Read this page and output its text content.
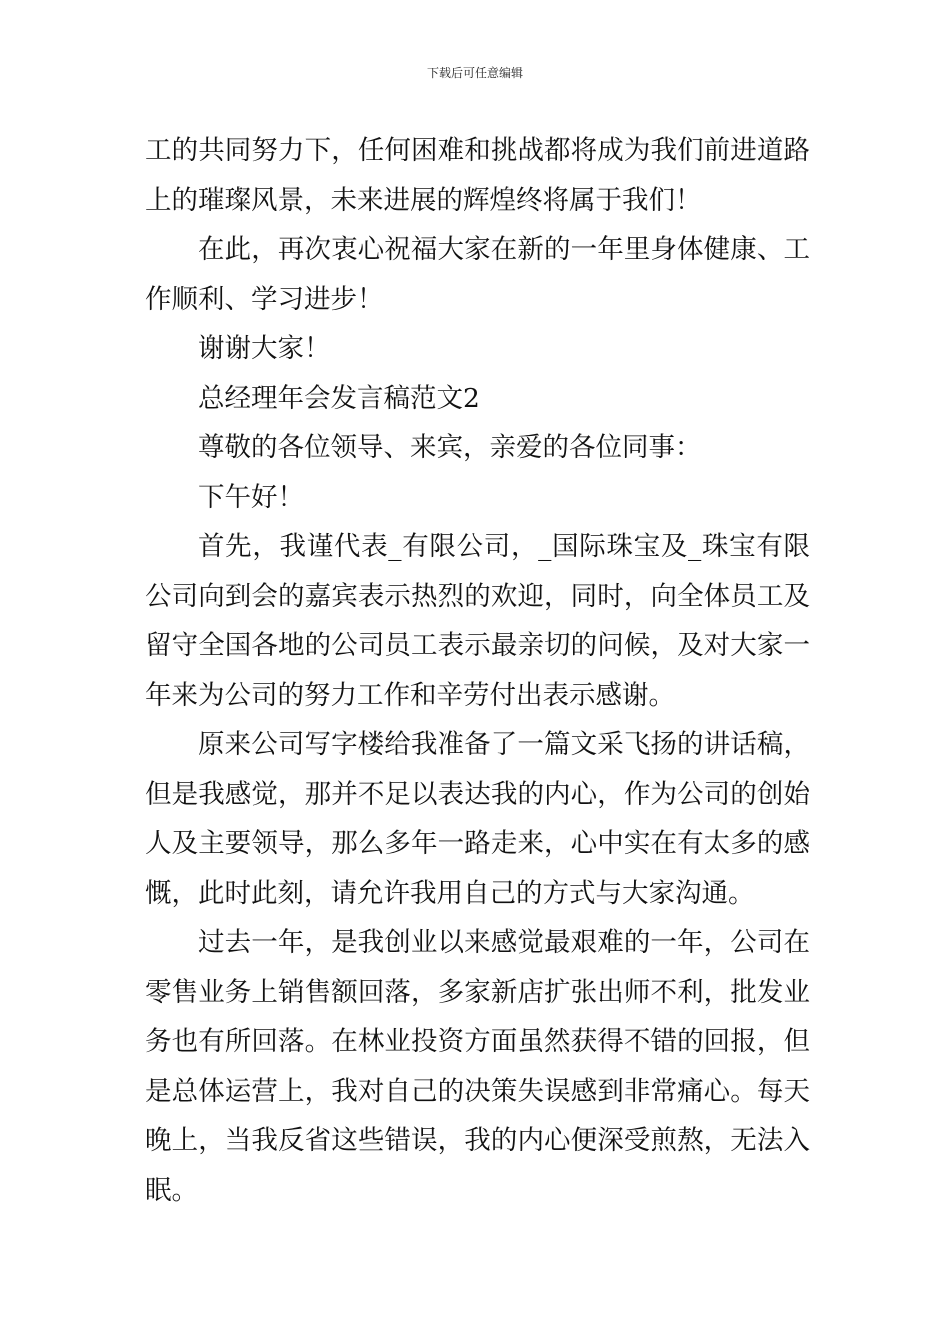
下载后可任意编辑

工的共同努力下，任何困难和挑战都将成为我们前进道路上的璀璨风景，未来进展的辉煌终将属于我们！

在此，再次衷心祝福大家在新的一年里身体健康、工作顺利、学习进步！

谢谢大家！

总经理年会发言稿范文2

尊敬的各位领导、来宾，亲爱的各位同事：

下午好！

首先，我谨代表_有限公司，_国际珠宝及_珠宝有限公司向到会的嘉宾表示热烈的欢迎，同时，向全体员工及留守全国各地的公司员工表示最亲切的问候，及对大家一年来为公司的努力工作和辛劳付出表示感谢。

原来公司写字楼给我准备了一篇文采飞扬的讲话稿，但是我感觉，那并不足以表达我的内心，作为公司的创始人及主要领导，那么多年一路走来，心中实在有太多的感慨，此时此刻，请允许我用自己的方式与大家沟通。

过去一年，是我创业以来感觉最艰难的一年，公司在零售业务上销售额回落，多家新店扩张出师不利，批发业务也有所回落。在林业投资方面虽然获得不错的回报，但是总体运营上，我对自己的决策失误感到非常痛心。每天晚上，当我反省这些错误，我的内心便深受煎熬，无法入眠。
